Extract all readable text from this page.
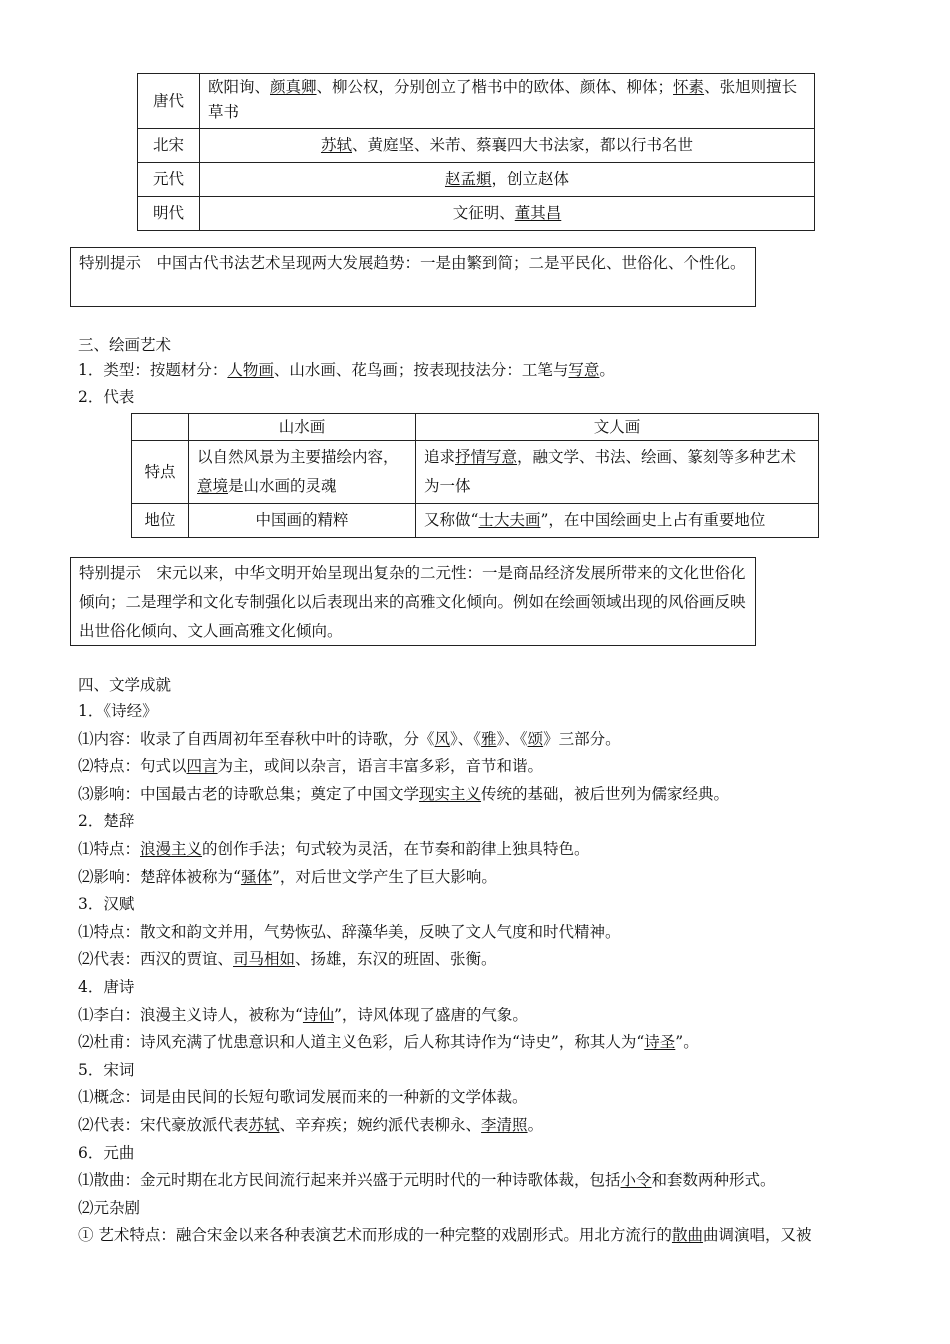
唐代	欧阳询、颜真卿、柳公权，分别创立了楷书中的欧体、颜体、柳体；怀素、张旭则擅长草书
北宋	苏轼、黄庭坚、米芾、蔡襄四大书法家，都以行书名世
元代	赵孟頫，创立赵体
明代	文征明、董其昌
特别提示　中国古代书法艺术呈现两大发展趋势：一是由繁到简；二是平民化、世俗化、个性化。
三、绘画艺术
1．类型：按题材分：人物画、山水画、花鸟画；按表现技法分：工笔与写意。
2．代表
	山水画	文人画
特点	以自然风景为主要描绘内容，意境是山水画的灵魂	追求抒情写意，融文学、书法、绘画、篆刻等多种艺术为一体
地位	中国画的精粹	又称做“士大夫画”，在中国绘画史上占有重要地位
特别提示　宋元以来，中华文明开始呈现出复杂的二元性：一是商品经济发展所带来的文化世俗化倾向；二是理学和文化专制强化以后表现出来的高雅文化倾向。例如在绘画领域出现的风俗画反映出世俗化倾向、文人画高雅文化倾向。
四、文学成就
1．《诗经》
⑴内容：收录了自西周初年至春秋中叶的诗歌，分《风》、《雅》、《颂》三部分。
⑵特点：句式以四言为主，或间以杂言，语言丰富多彩，音节和谐。
⑶影响：中国最古老的诗歌总集；奠定了中国文学现实主义传统的基础，被后世列为儒家经典。
2．楚辞
⑴特点：浪漫主义的创作手法；句式较为灵活，在节奏和韵律上独具特色。
⑵影响：楚辞体被称为“骚体”，对后世文学产生了巨大影响。
3．汉赋
⑴特点：散文和韵文并用，气势恢弘、辞藻华美，反映了文人气度和时代精神。
⑵代表：西汉的贾谊、司马相如、扬雄，东汉的班固、张衡。
4．唐诗
⑴李白：浪漫主义诗人，被称为“诗仙”，诗风体现了盛唐的气象。
⑵杜甫：诗风充满了忧患意识和人道主义色彩，后人称其诗作为“诗史”，称其人为“诗圣”。
5．宋词
⑴概念：词是由民间的长短句歌词发展而来的一种新的文学体裁。
⑵代表：宋代豪放派代表苏轼、辛弃疾；婉约派代表柳永、李清照。
6．元曲
⑴散曲：金元时期在北方民间流行起来并兴盛于元明时代的一种诗歌体裁，包括小令和套数两种形式。
⑵元杂剧
① 艺术特点：融合宋金以来各种表演艺术而形成的一种完整的戏剧形式。用北方流行的散曲曲调演唱，又被
